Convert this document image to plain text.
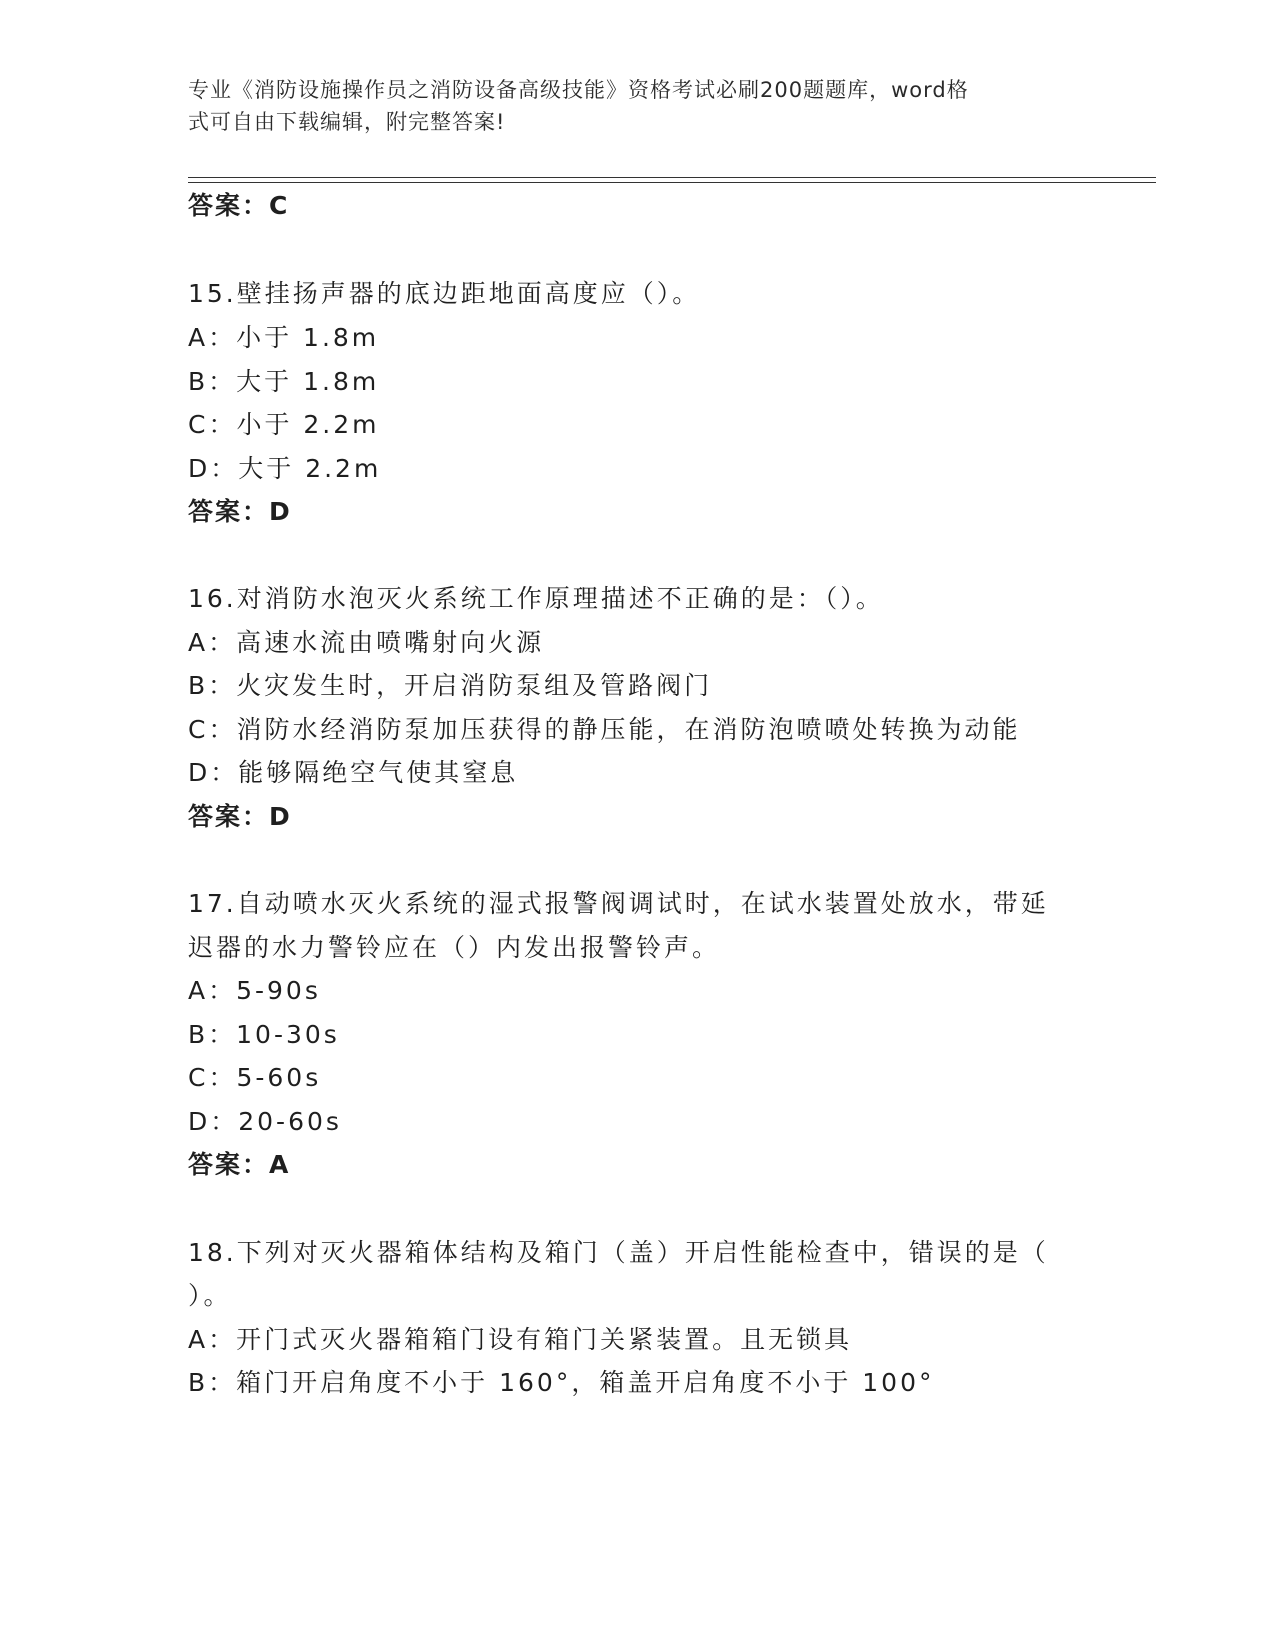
专业《消防设施操作员之消防设备高级技能》资格考试必刷200题题库，word格
式可自由下载编辑，附完整答案!
答案：C
15.壁挂扬声器的底边距地面高度应（）。
A：小于 1.8m
B：大于 1.8m
C：小于 2.2m
D：大于 2.2m
答案：D
16.对消防水泡灭火系统工作原理描述不正确的是：（）。
A：高速水流由喷嘴射向火源
B：火灾发生时，开启消防泵组及管路阀门
C：消防水经消防泵加压获得的静压能，在消防泡喷喷处转换为动能
D：能够隔绝空气使其窒息
答案：D
17.自动喷水灭火系统的湿式报警阀调试时，在试水装置处放水，带延
迟器的水力警铃应在（）内发出报警铃声。
A：5-90s
B：10-30s
C：5-60s
D：20-60s
答案：A
18.下列对灭火器箱体结构及箱门（盖）开启性能检查中，错误的是（
）。
A：开门式灭火器箱箱门设有箱门关紧装置。且无锁具
B：箱门开启角度不小于 160°，箱盖开启角度不小于 100°
